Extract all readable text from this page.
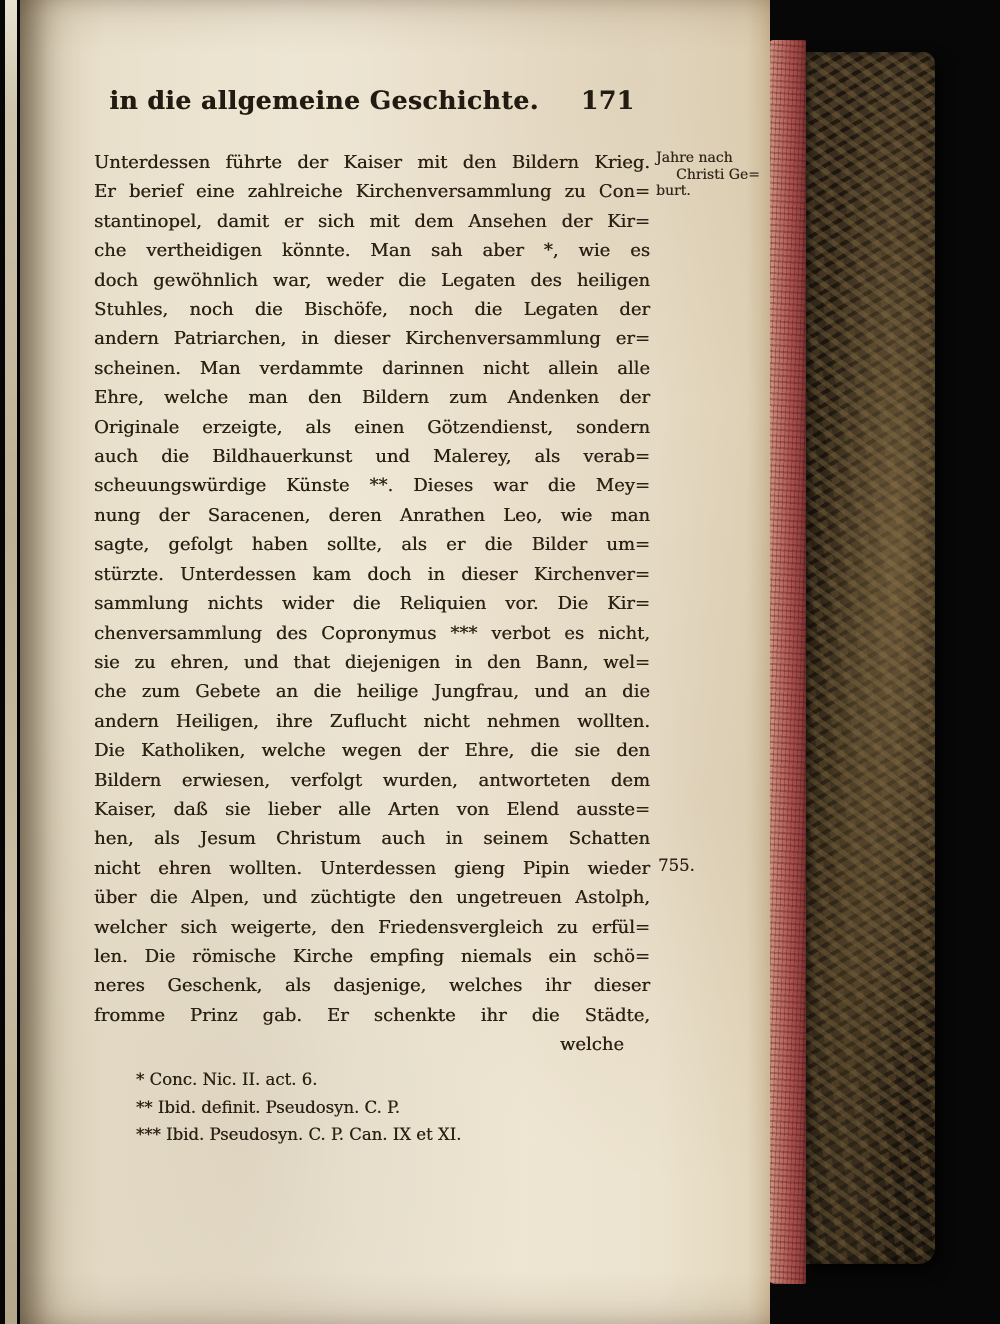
in die allgemeine Geschichte. 171
Jahre nach
Christi Ge=
burt.
755.
Unterdessen führte der Kaiser mit den Bildern Krieg.
Er berief eine zahlreiche Kirchenversammlung zu Con=
stantinopel, damit er sich mit dem Ansehen der Kir=
che vertheidigen könnte. Man sah aber *, wie es
doch gewöhnlich war, weder die Legaten des heiligen
Stuhles, noch die Bischöfe, noch die Legaten der
andern Patriarchen, in dieser Kirchenversammlung er=
scheinen. Man verdammte darinnen nicht allein alle
Ehre, welche man den Bildern zum Andenken der
Originale erzeigte, als einen Götzendienst, sondern
auch die Bildhauerkunst und Malerey, als verab=
scheuungswürdige Künste **. Dieses war die Mey=
nung der Saracenen, deren Anrathen Leo, wie man
sagte, gefolgt haben sollte, als er die Bilder um=
stürzte. Unterdessen kam doch in dieser Kirchenver=
sammlung nichts wider die Reliquien vor. Die Kir=
chenversammlung des Copronymus *** verbot es nicht,
sie zu ehren, und that diejenigen in den Bann, wel=
che zum Gebete an die heilige Jungfrau, und an die
andern Heiligen, ihre Zuflucht nicht nehmen wollten.
Die Katholiken, welche wegen der Ehre, die sie den
Bildern erwiesen, verfolgt wurden, antworteten dem
Kaiser, daß sie lieber alle Arten von Elend ausste=
hen, als Jesum Christum auch in seinem Schatten
nicht ehren wollten. Unterdessen gieng Pipin wieder
über die Alpen, und züchtigte den ungetreuen Astolph,
welcher sich weigerte, den Friedensvergleich zu erfül=
len. Die römische Kirche empfing niemals ein schö=
neres Geschenk, als dasjenige, welches ihr dieser
fromme Prinz gab. Er schenkte ihr die Städte,
welche
* Conc. Nic. II. act. 6.
** Ibid. definit. Pseudosyn. C. P.
*** Ibid. Pseudosyn. C. P. Can. IX et XI.
